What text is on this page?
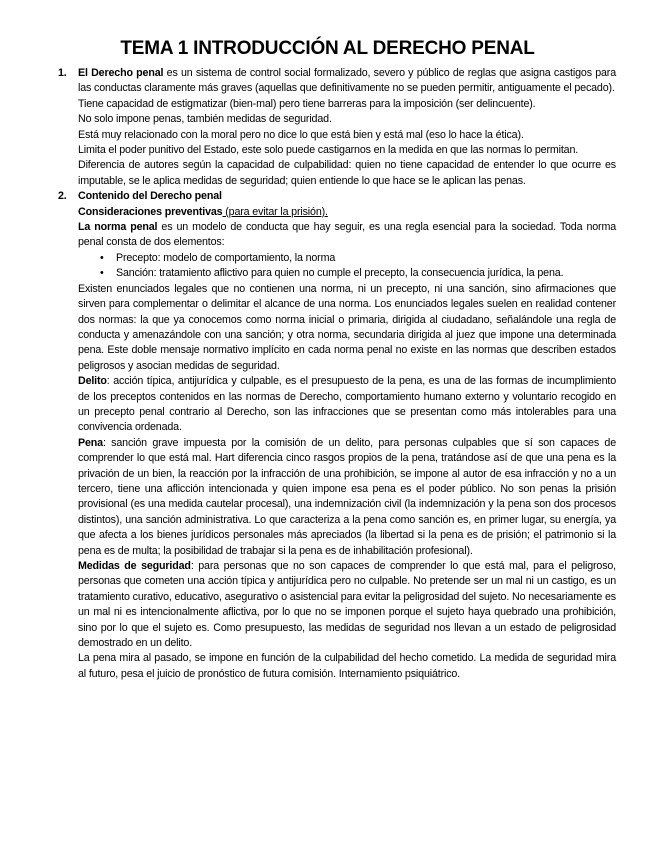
TEMA 1 INTRODUCCIÓN AL DERECHO PENAL
1. El Derecho penal es un sistema de control social formalizado, severo y público de reglas que asigna castigos para las conductas claramente más graves (aquellas que definitivamente no se pueden permitir, antiguamente el pecado).

Tiene capacidad de estigmatizar (bien-mal) pero tiene barreras para la imposición (ser delincuente).

No solo impone penas, también medidas de seguridad.

Está muy relacionado con la moral pero no dice lo que está bien y está mal (eso lo hace la ética).

Limita el poder punitivo del Estado, este solo puede castigarnos en la medida en que las normas lo permitan.

Diferencia de autores según la capacidad de culpabilidad: quien no tiene capacidad de entender lo que ocurre es imputable, se le aplica medidas de seguridad; quien entiende lo que hace se le aplican las penas.

2. Contenido del Derecho penal

Consideraciones preventivas (para evitar la prisión).

La norma penal es un modelo de conducta que hay seguir, es una regla esencial para la sociedad. Toda norma penal consta de dos elementos:

• Precepto: modelo de comportamiento, la norma
• Sanción: tratamiento aflictivo para quien no cumple el precepto, la consecuencia jurídica, la pena.

Existen enunciados legales que no contienen una norma, ni un precepto, ni una sanción, sino afirmaciones que sirven para complementar o delimitar el alcance de una norma. Los enunciados legales suelen en realidad contener dos normas: la que ya conocemos como norma inicial o primaria, dirigida al ciudadano, señalándole una regla de conducta y amenazándole con una sanción; y otra norma, secundaria dirigida al juez que impone una determinada pena. Este doble mensaje normativo implícito en cada norma penal no existe en las normas que describen estados peligrosos y asocian medidas de seguridad.

Delito: acción típica, antijurídica y culpable, es el presupuesto de la pena, es una de las formas de incumplimiento de los preceptos contenidos en las normas de Derecho, comportamiento humano externo y voluntario recogido en un precepto penal contrario al Derecho, son las infracciones que se presentan como más intolerables para una convivencia ordenada.

Pena: sanción grave impuesta por la comisión de un delito, para personas culpables que sí son capaces de comprender lo que está mal. Hart diferencia cinco rasgos propios de la pena, tratándose así de que una pena es la privación de un bien, la reacción por la infracción de una prohibición, se impone al autor de esa infracción y no a un tercero, tiene una aflicción intencionada y quien impone esa pena es el poder público. No son penas la prisión provisional (es una medida cautelar procesal), una indemnización civil (la indemnización y la pena son dos procesos distintos), una sanción administrativa. Lo que caracteriza a la pena como sanción es, en primer lugar, su energía, ya que afecta a los bienes jurídicos personales más apreciados (la libertad si la pena es de prisión; el patrimonio si la pena es de multa; la posibilidad de trabajar si la pena es de inhabilitación profesional).

Medidas de seguridad: para personas que no son capaces de comprender lo que está mal, para el peligroso, personas que cometen una acción típica y antijurídica pero no culpable. No pretende ser un mal ni un castigo, es un tratamiento curativo, educativo, asegurativo o asistencial para evitar la peligrosidad del sujeto. No necesariamente es un mal ni es intencionalmente aflictiva, por lo que no se imponen porque el sujeto haya quebrado una prohibición, sino por lo que el sujeto es. Como presupuesto, las medidas de seguridad nos llevan a un estado de peligrosidad demostrado en un delito.

La pena mira al pasado, se impone en función de la culpabilidad del hecho cometido. La medida de seguridad mira al futuro, pesa el juicio de pronóstico de futura comisión. Internamiento psiquiátrico.
